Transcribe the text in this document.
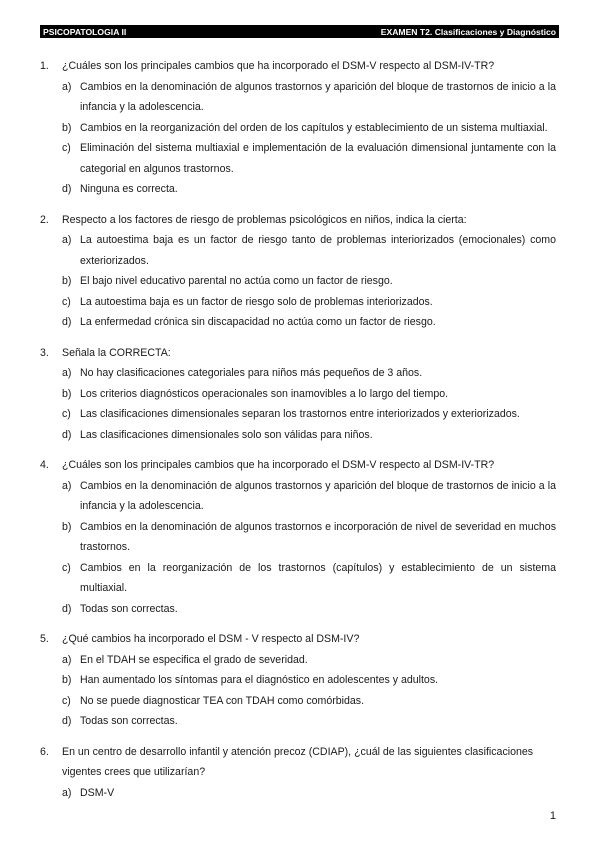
PSICOPATOLOGIA II	EXAMEN T2. Clasificaciones y Diagnóstico
1.	¿Cuáles son los principales cambios que ha incorporado el DSM-V respecto al DSM-IV-TR?
a) Cambios en la denominación de algunos trastornos y aparición del bloque de trastornos de inicio a la infancia y la adolescencia.
b) Cambios en la reorganización del orden de los capítulos y establecimiento de un sistema multiaxial.
c) Eliminación del sistema multiaxial e implementación de la evaluación dimensional juntamente con la categorial en algunos trastornos.
d) Ninguna es correcta.
2.	Respecto a los factores de riesgo de problemas psicológicos en niños, indica la cierta:
a) La autoestima baja es un factor de riesgo tanto de problemas interiorizados (emocionales) como exteriorizados.
b) El bajo nivel educativo parental no actúa como un factor de riesgo.
c) La autoestima baja es un factor de riesgo solo de problemas interiorizados.
d) La enfermedad crónica sin discapacidad no actúa como un factor de riesgo.
3.	Señala la CORRECTA:
a) No hay clasificaciones categoriales para niños más pequeños de 3 años.
b) Los criterios diagnósticos operacionales son inamovibles a lo largo del tiempo.
c) Las clasificaciones dimensionales separan los trastornos entre interiorizados y exteriorizados.
d) Las clasificaciones dimensionales solo son válidas para niños.
4.	¿Cuáles son los principales cambios que ha incorporado el DSM-V respecto al DSM-IV-TR?
a) Cambios en la denominación de algunos trastornos y aparición del bloque de trastornos de inicio a la infancia y la adolescencia.
b) Cambios en la denominación de algunos trastornos e incorporación de nivel de severidad en muchos trastornos.
c) Cambios en la reorganización de los trastornos (capítulos) y establecimiento de un sistema multiaxial.
d) Todas son correctas.
5.	¿Qué cambios ha incorporado el DSM - V respecto al DSM-IV?
a) En el TDAH se especifica el grado de severidad.
b) Han aumentado los síntomas para el diagnóstico en adolescentes y adultos.
c) No se puede diagnosticar TEA con TDAH como comórbidas.
d) Todas son correctas.
6.	En un centro de desarrollo infantil y atención precoz (CDIAP), ¿cuál de las siguientes clasificaciones vigentes crees que utilizarían?
a) DSM-V
1
